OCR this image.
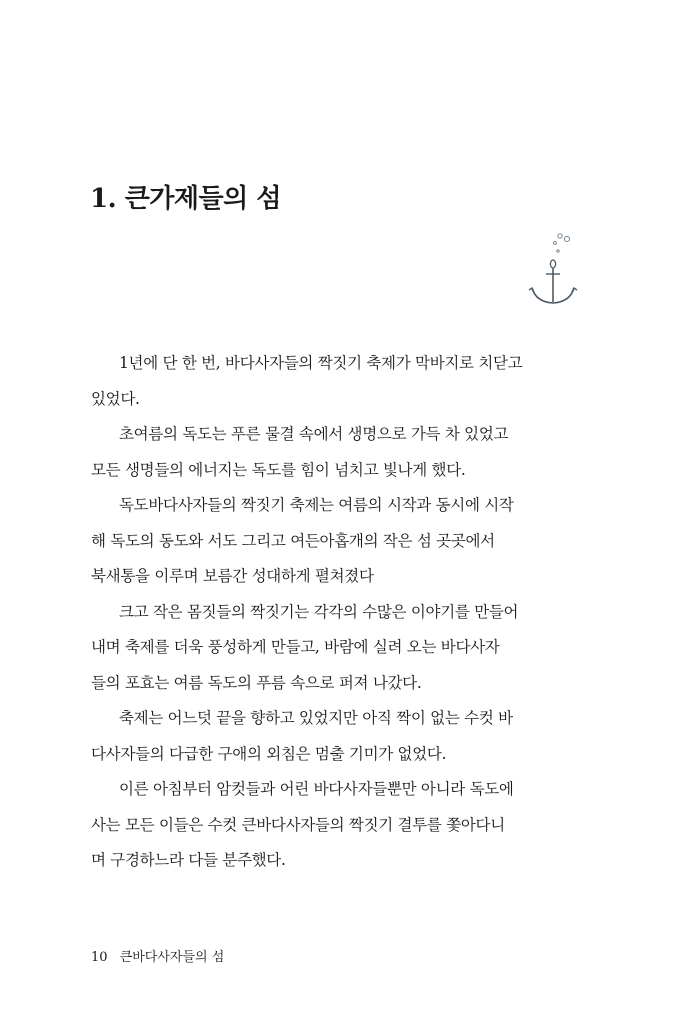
1. 큰가제들의 섬
1년에 단 한 번, 바다사자들의 짝짓기 축제가 막바지로 치닫고
있었다.
초여름의 독도는 푸른 물결 속에서 생명으로 가득 차 있었고
모든 생명들의 에너지는 독도를 힘이 넘치고 빛나게 했다.
독도바다사자들의 짝짓기 축제는 여름의 시작과 동시에 시작
해 독도의 동도와 서도 그리고 여든아홉개의 작은 섬 곳곳에서
북새통을 이루며 보름간 성대하게 펼쳐졌다
크고 작은 몸짓들의 짝짓기는 각각의 수많은 이야기를 만들어
내며 축제를 더욱 풍성하게 만들고, 바람에 실려 오는 바다사자
들의 포효는 여름 독도의 푸름 속으로 퍼져 나갔다.
축제는 어느덧 끝을 향하고 있었지만 아직 짝이 없는 수컷 바
다사자들의 다급한 구애의 외침은 멈출 기미가 없었다.
이른 아침부터 암컷들과 어린 바다사자들뿐만 아니라 독도에
사는 모든 이들은 수컷 큰바다사자들의 짝짓기 결투를 쫓아다니
며 구경하느라 다들 분주했다.
10 큰바다사자들의 섬
